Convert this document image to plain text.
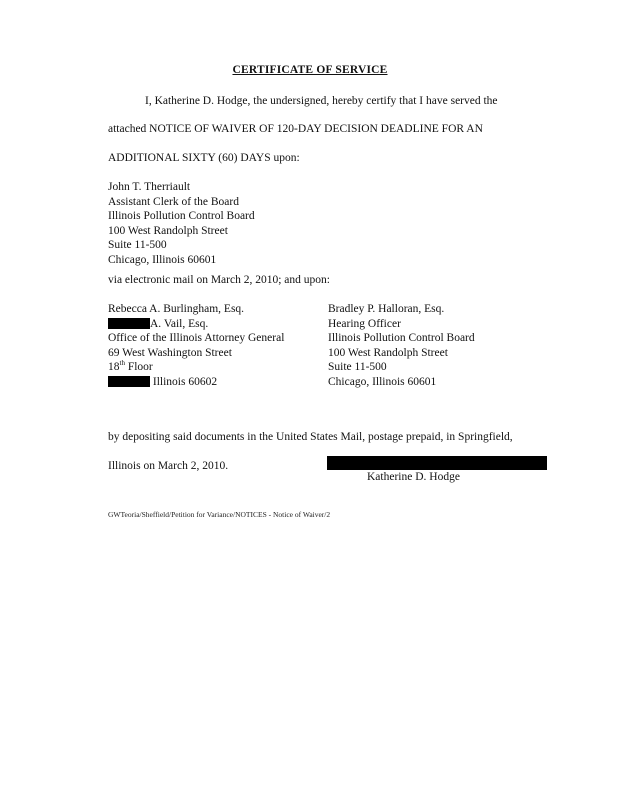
CERTIFICATE OF SERVICE
I, Katherine D. Hodge, the undersigned, hereby certify that I have served the
attached NOTICE OF WAIVER OF 120-DAY DECISION DEADLINE FOR AN
ADDITIONAL SIXTY (60) DAYS upon:
John T. Therriault
Assistant Clerk of the Board
Illinois Pollution Control Board
100 West Randolph Street
Suite 11-500
Chicago, Illinois 60601
via electronic mail on March 2, 2010; and upon:
Rebecca A. Burlingham, Esq.
A. Vail, Esq.
Office of the Illinois Attorney General
69 West Washington Street
18th Floor
Illinois 60602
Bradley P. Halloran, Esq.
Hearing Officer
Illinois Pollution Control Board
100 West Randolph Street
Suite 11-500
Chicago, Illinois 60601
by depositing said documents in the United States Mail, postage prepaid, in Springfield,
Illinois on March 2, 2010.
Katherine D. Hodge
GWTeoria/Sheffield/Petition for Variance/NOTICES - Notice of Waiver/2
